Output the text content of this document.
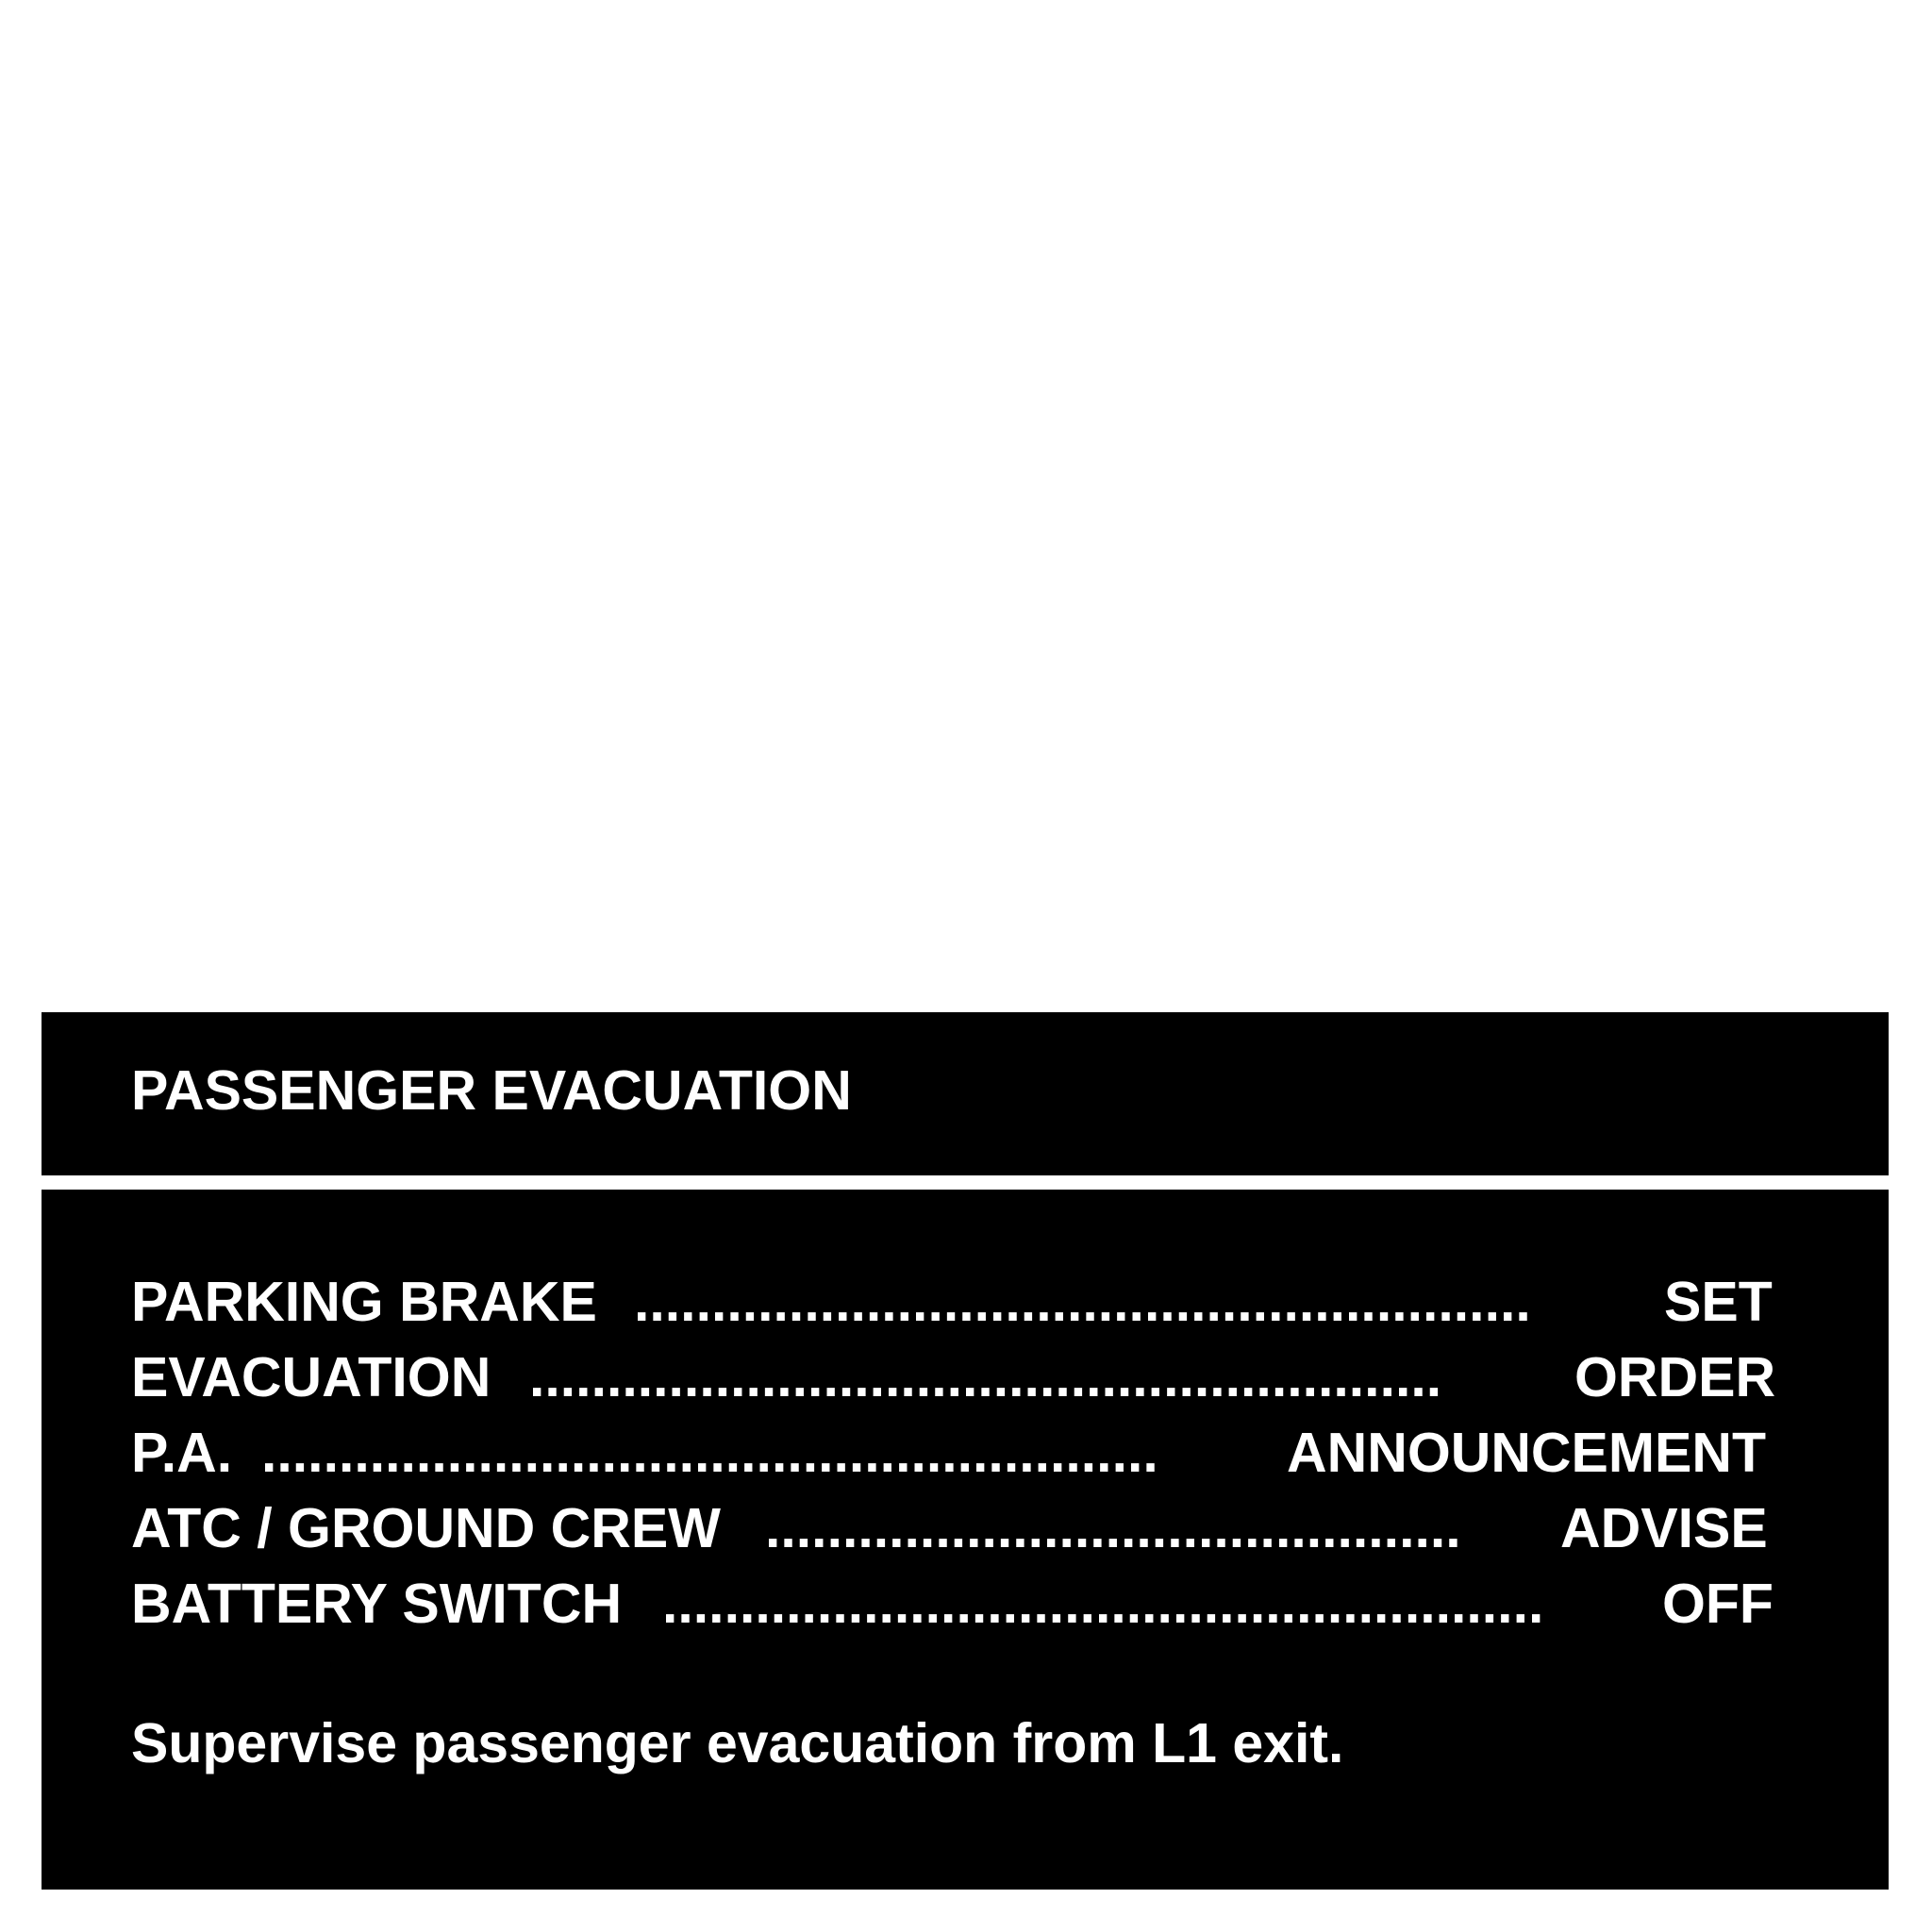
PASSENGER EVACUATION
PARKING BRAKE .......................................................... SET
EVACUATION ........................................................... ORDER
P.A. .......................................................... ANNOUNCEMENT
ATC / GROUND CREW ............................................. ADVISE
BATTERY SWITCH ......................................................... OFF
Supervise passenger evacuation from L1 exit.
